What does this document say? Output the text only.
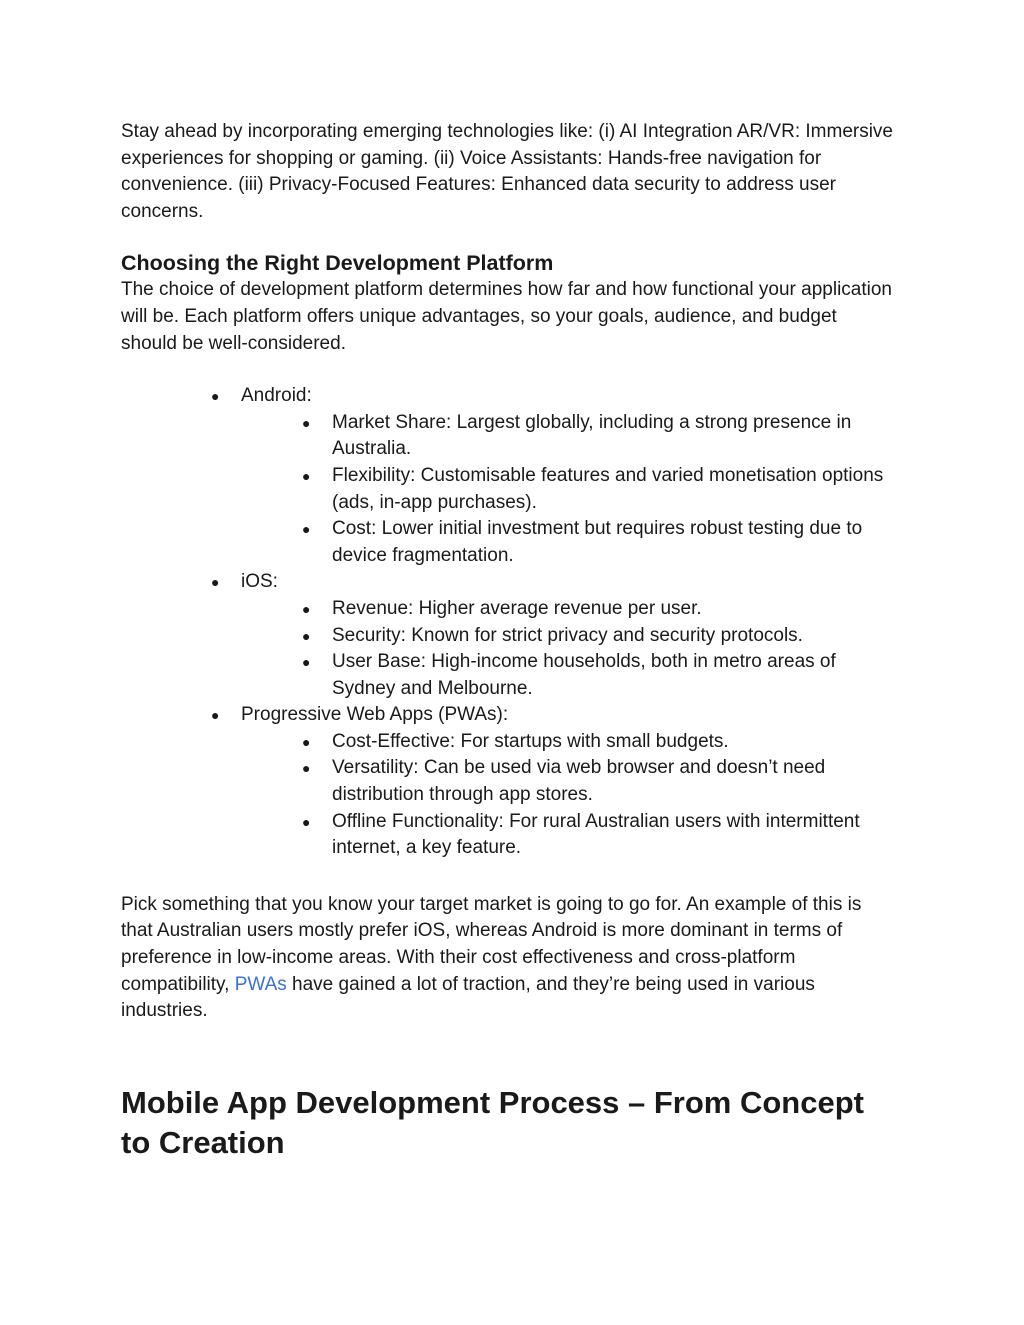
Stay ahead by incorporating emerging technologies like: (i) AI Integration AR/VR: Immersive experiences for shopping or gaming. (ii) Voice Assistants: Hands-free navigation for convenience. (iii) Privacy-Focused Features: Enhanced data security to address user concerns.

Choosing the Right Development Platform

The choice of development platform determines how far and how functional your application will be. Each platform offers unique advantages, so your goals, audience, and budget should be well-considered.

● Android:
● Market Share: Largest globally, including a strong presence in Australia.
● Flexibility: Customisable features and varied monetisation options (ads, in-app purchases).
● Cost: Lower initial investment but requires robust testing due to device fragmentation.
● iOS:
● Revenue: Higher average revenue per user.
● Security: Known for strict privacy and security protocols.
● User Base: High-income households, both in metro areas of Sydney and Melbourne.
● Progressive Web Apps (PWAs):
● Cost-Effective: For startups with small budgets.
● Versatility: Can be used via web browser and doesn’t need distribution through app stores.
● Offline Functionality: For rural Australian users with intermittent internet, a key feature.

Pick something that you know your target market is going to go for. An example of this is that Australian users mostly prefer iOS, whereas Android is more dominant in terms of preference in low-income areas. With their cost effectiveness and cross-platform compatibility, PWAs have gained a lot of traction, and they’re being used in various industries.

Mobile App Development Process – From Concept to Creation
